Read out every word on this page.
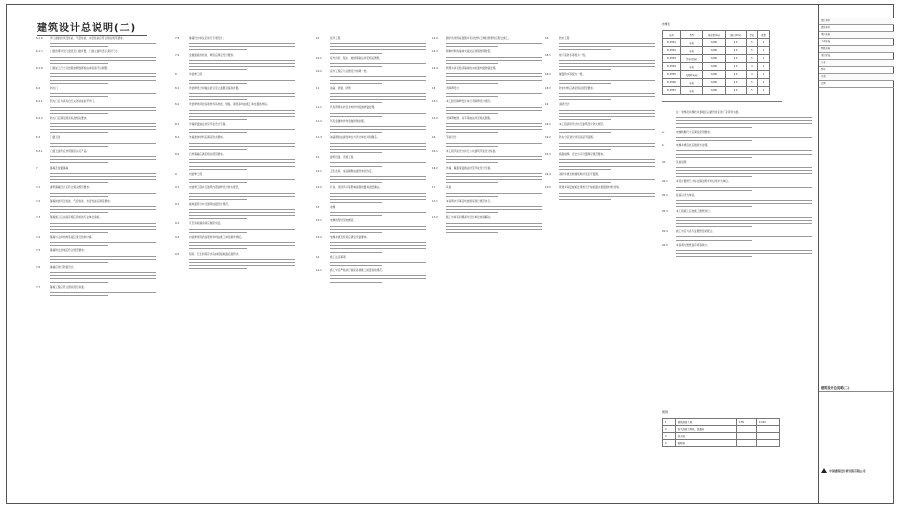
建筑设计总说明(二)

6.1.6	外门窗的抗风压性能、气密性能、水密性能应符合相关规范要求。

6.1.7	门窗选用详见门窗表及门窗详图，门窗立面均表示洞口尺寸。

6.1.8	门窗加工尺寸应按照装修面厚度由承包商予以调整。

6.2	防火门

6.2.1	防火门应为具有自行关闭功能的平开门。

6.2.2	防火门应满足国家标准相关要求。

6.3	门窗五金

6.3.1	门窗五金件应选用国家认可产品。

7	幕墙及金属幕墙

7.1	建筑幕墙设计应符合相关规范要求。

7.2	幕墙的抗风压性能、气密性能、水密性能应满足要求。

7.3	幕墙施工应由具有相应资质的专业单位承担。

7.4	幕墙与主体结构连接应进行结构计算。

7.5	幕墙防火封堵应符合规范要求。

7.6	幕墙应进行防雷设计。

7.7	幕墙工程应符合国家现行标准。

7.8	幕墙设计单位应进行专项设计。

7.9	金属面板的材质、厚度应满足设计要求。

8	外装修工程

8.1	外装修设计和做法索引见立面图及墙身详图。

8.2	外装修选用的各项材料其材质、规格、颜色等均由施工单位提供样板。

8.3	外墙保温做法详见节能设计专篇。

8.4	外墙装饰材料应满足防火要求。

8.5	石材幕墙应满足相关规范要求。

9	内装修工程

9.1	内装修工程执行建筑内部装修设计防火规范。

9.2	楼地面部分执行建筑地面设计规范。

9.3	凡设有地漏房间应做防水层。

9.4	内装修选用的各项材料均由施工单位制作样板。

9.5	厨房、卫生间等有水房间的楼地面应做防水。

10	室外工程

10.1	室外台阶、散水、坡道等做法详见相关图纸。

10.2	室外工程应与总图设计协调一致。

11	油漆、防腐、防锈

11.1	所有预埋木砖及木构件均需做防腐处理。

11.2	所有金属构件均需做防锈处理。

11.3	油漆颜色由建设单位与设计单位共同确定。

12	建筑设备、设施工程

12.1	卫生洁具、成品隔断由建设单位选定。

12.2	灯具、送回风口等影响美观的器具需经确认。

13	电梯

13.1	电梯选型详见电梯表。

13.2	电梯井道及机房应满足设备要求。

14	施工注意事项

14.1	施工中应严格执行国家各项施工质量验收规范。

14.2	图中所选用标准图中有对结构工种的预埋件应配合施工。

14.3	两种材料的墙体交接处应加钢丝网防裂。

14.4	预埋木砖及贴邻墙体的木质面均做防腐处理。

15	无障碍设计

15.1	本工程无障碍设计执行无障碍设计规范。

15.2	无障碍坡道、扶手等做法详见相关图集。

16	节能设计

16.1	本工程节能设计执行公共建筑节能设计标准。

16.2	外墙、屋面保温做法详见节能设计专篇。

17	其他

17.1	本说明未尽事宜均按国家现行规范执行。

17.2	施工中如有问题请与设计单位协商解决。

18	防水工程

18.1	地下室防水等级为一级。

18.2	屋面防水等级为一级。

18.3	防水材料应满足相关规范要求。

19	消防设计

19.1	本工程消防设计执行建筑设计防火规范。

19.2	防火分区划分详见各层平面图。

19.3	疏散楼梯、安全出口设置满足规范要求。

19.4	消防车道及救援场地详见总平面图。

19.5	管道井每层楼板处用相当于楼板耐火极限的材料封堵。

注：电梯及扶梯技术参数应以最终选定的厂家资料为准。

a.	电梯轿厢尺寸应满足使用要求。

b.	电梯井道底坑应做防水处理。

20	其他说明

20.1	本设计图纸尺寸标注除注明外均以毫米为单位。

20.2	标高以米为单位。

20.3	本工程施工应按施工图纸进行。

20.4	施工中应与各专业图纸密切配合。

20.5	本说明与图纸具有同等效力。

电梯表
编号	类型	载重量(kg)	速度(m/s)	停站	数量
D-DT01	客梯	1000	1.0	5	2
D-DT02	客梯	1000	1.0	5	1
D-DT03	货梯(消防)	1000	1.0	5	1
D-DT04	客梯	1000	1.0	4	1
D-DT05	无障碍电梯	1000	1.0	4	1
D-DT06	客梯	1000	1.0	5	2
D-DT07	客梯	1000	1.0	5	1
图例
1	钢筋混凝土墙	1:50	1:100
2	加气混凝土砌块、普通砖		
3	防火墙		
4	隔断墙		
设计单位
建设单位
项目名称
子项名称
图纸名称
设计阶段
专业
图号
日期
比例
建筑设计总说明(二)
中国建筑设计研究院有限公司
